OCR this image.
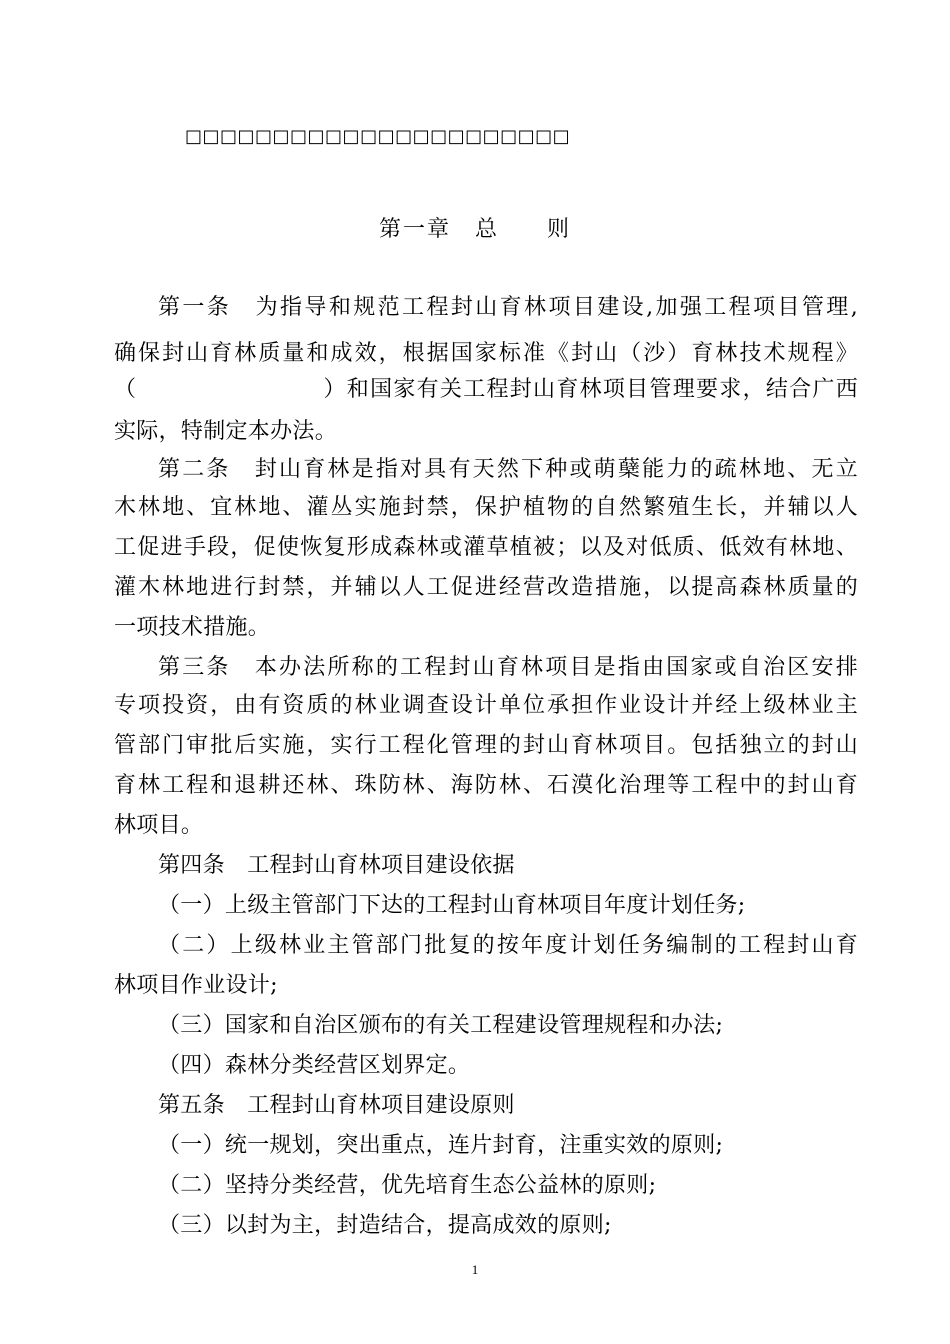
□□□□□□□□□□□□□□□□□□□□□□
第一章　总　　则
第一条　为指导和规范工程封山育林项目建设,加强工程项目管理,
确保封山育林质量和成效，根据国家标准《封山（沙）育林技术规程》
（　　　　　　　　）和国家有关工程封山育林项目管理要求，结合广西
实际，特制定本办法。
第二条　封山育林是指对具有天然下种或萌蘖能力的疏林地、无立
木林地、宜林地、灌丛实施封禁，保护植物的自然繁殖生长，并辅以人
工促进手段，促使恢复形成森林或灌草植被；以及对低质、低效有林地、
灌木林地进行封禁，并辅以人工促进经营改造措施，以提高森林质量的
一项技术措施。
第三条　本办法所称的工程封山育林项目是指由国家或自治区安排
专项投资，由有资质的林业调查设计单位承担作业设计并经上级林业主
管部门审批后实施，实行工程化管理的封山育林项目。包括独立的封山
育林工程和退耕还林、珠防林、海防林、石漠化治理等工程中的封山育
林项目。
第四条　工程封山育林项目建设依据
（一）上级主管部门下达的工程封山育林项目年度计划任务;
（二）上级林业主管部门批复的按年度计划任务编制的工程封山育
林项目作业设计;
（三）国家和自治区颁布的有关工程建设管理规程和办法;
（四）森林分类经营区划界定。
第五条　工程封山育林项目建设原则
（一）统一规划，突出重点，连片封育，注重实效的原则;
（二）坚持分类经营，优先培育生态公益林的原则;
（三）以封为主，封造结合，提高成效的原则;
1
